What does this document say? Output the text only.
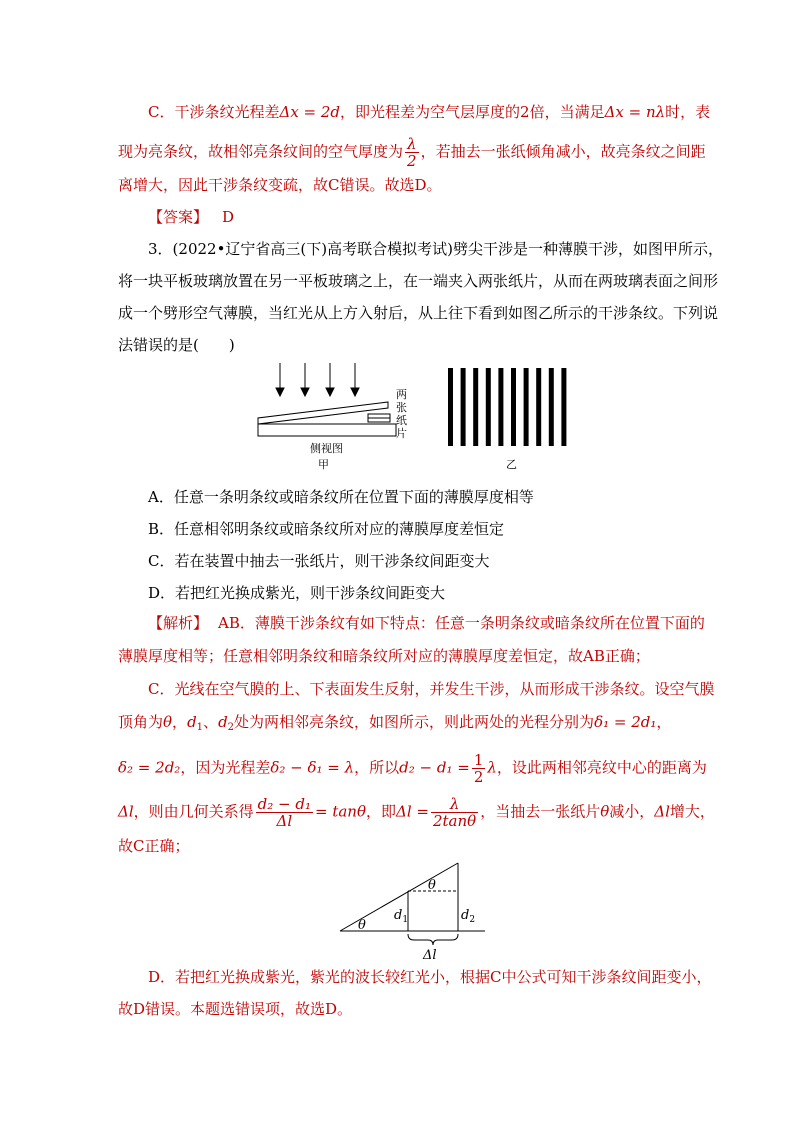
C．干涉条纹光程差Δx = 2d，即光程差为空气层厚度的2倍，当满足Δx = nλ时，表
现为亮条纹，故相邻亮条纹间的空气厚度为 $\frac{\lambda}{2}$ ，若抽去一张纸倾角减小，故亮条纹之间距
离增大，因此干涉条纹变疏，故C错误。故选D。
【答案】 D
3．(2022•辽宁省高三(下)高考联合模拟考试)劈尖干涉是一种薄膜干涉，如图甲所示，
将一块平板玻璃放置在另一平板玻璃之上，在一端夹入两张纸片，从而在两玻璃表面之间形
成一个劈形空气薄膜，当红光从上方入射后，从上往下看到如图乙所示的干涉条纹。下列说
法错误的是(　　)
两
张
纸
片
侧视图
甲	乙
A．任意一条明条纹或暗条纹所在位置下面的薄膜厚度相等
B．任意相邻明条纹或暗条纹所对应的薄膜厚度差恒定
C．若在装置中抽去一张纸片，则干涉条纹间距变大
D．若把红光换成紫光，则干涉条纹间距变大
【解析】 AB．薄膜干涉条纹有如下特点：任意一条明条纹或暗条纹所在位置下面的
薄膜厚度相等；任意相邻明条纹和暗条纹所对应的薄膜厚度差恒定，故AB正确；
C．光线在空气膜的上、下表面发生反射，并发生干涉，从而形成干涉条纹。设空气膜
顶角为θ，$d_1$、$d_2$处为两相邻亮条纹，如图所示，则此两处的光程分别为δ₁ = 2d₁，
δ₂ = 2d₂，因为光程差δ₂ − δ₁ = λ，所以$d_2 - d_1 = \frac{1}{2}$ λ，设此两相邻亮纹中心的距离为
Δl，则由几何关系得 $\frac{\text{d₂ − d₁}}{\Delta l} = \tan\theta$，即$\Delta l = \frac{\lambda}{2\tan\theta}$ ，当抽去一张纸片θ减小，Δl增大，
故C正确；
θ
θ
$d_1$	$d_2$
Δl
D．若把红光换成紫光，紫光的波长较红光小，根据C中公式可知干涉条纹间距变小，
故D错误。本题选错误项，故选D。
